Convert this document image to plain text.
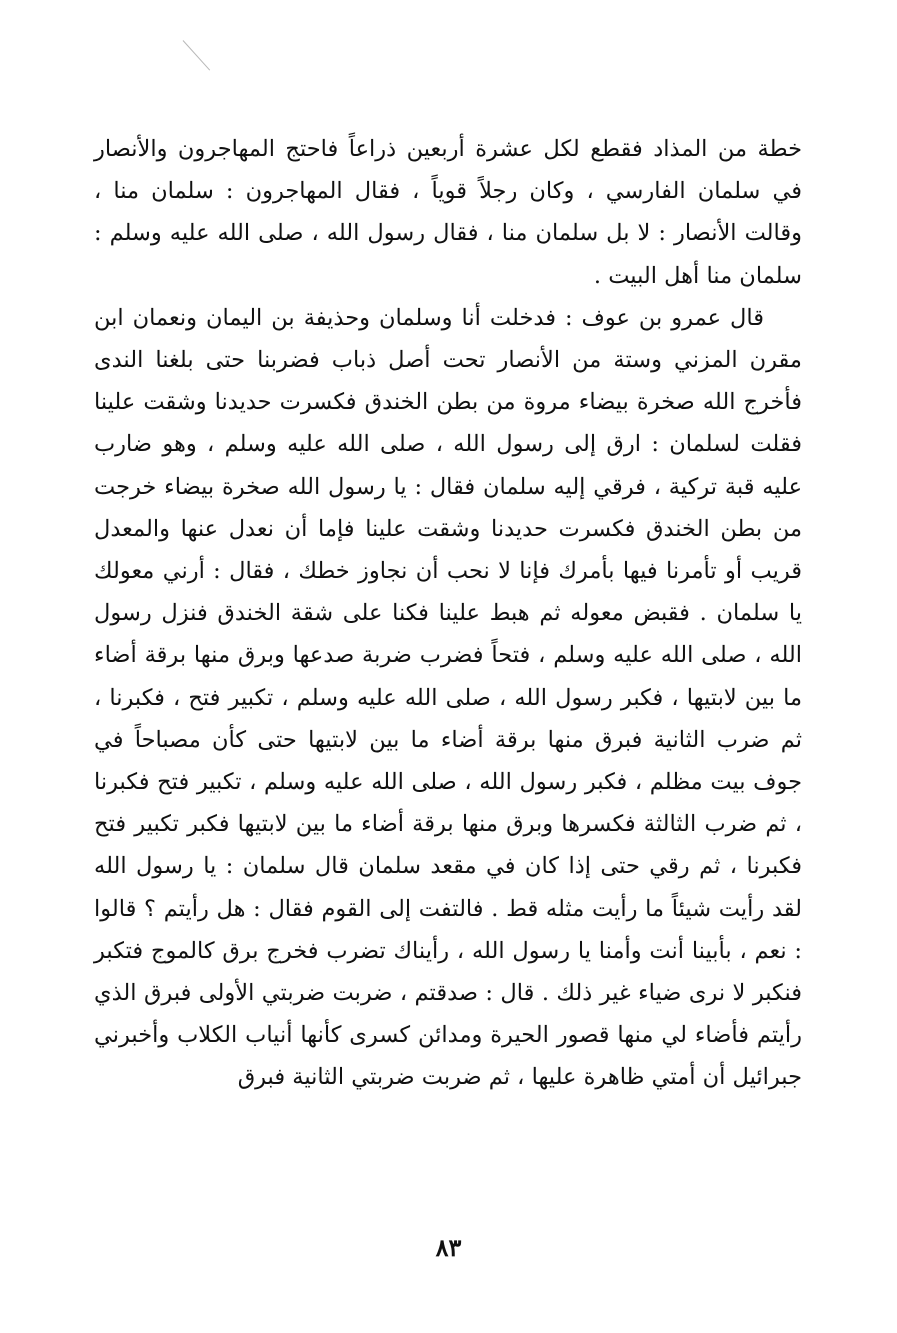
خطة من المذاد فقطع لكل عشرة أربعين ذراعاً فاحتج المهاجرون والأنصار في سلمان الفارسي ، وكان رجلاً قوياً ، فقال المهاجرون : سلمان منا ، وقالت الأنصار : لا بل سلمان منا ، فقال رسول الله ، صلى الله عليه وسلم : سلمان منا أهل البيت .

قال عمرو بن عوف : فدخلت أنا وسلمان وحذيفة بن اليمان ونعمان ابن مقرن المزني وستة من الأنصار تحت أصل ذباب فضربنا حتى بلغنا الندى فأخرج الله صخرة بيضاء مروة من بطن الخندق فكسرت حديدنا وشقت علينا فقلت لسلمان : ارق إلى رسول الله ، صلى الله عليه وسلم ، وهو ضارب عليه قبة تركية ، فرقي إليه سلمان فقال : يا رسول الله صخرة بيضاء خرجت من بطن الخندق فكسرت حديدنا وشقت علينا فإما أن نعدل عنها والمعدل قريب أو تأمرنا فيها بأمرك فإنا لا نحب أن نجاوز خطك ، فقال : أرني معولك يا سلمان . فقبض معوله ثم هبط علينا فكنا على شقة الخندق فنزل رسول الله ، صلى الله عليه وسلم ، فتحاً فضرب ضربة صدعها وبرق منها برقة أضاء ما بين لابتيها ، فكبر رسول الله ، صلى الله عليه وسلم ، تكبير فتح ، فكبرنا ، ثم ضرب الثانية فبرق منها برقة أضاء ما بين لابتيها حتى كأن مصباحاً في جوف بيت مظلم ، فكبر رسول الله ، صلى الله عليه وسلم ، تكبير فتح فكبرنا ، ثم ضرب الثالثة فكسرها وبرق منها برقة أضاء ما بين لابتيها فكبر تكبير فتح فكبرنا ، ثم رقي حتى إذا كان في مقعد سلمان قال سلمان : يا رسول الله لقد رأيت شيئاً ما رأيت مثله قط . فالتفت إلى القوم فقال : هل رأيتم ؟ قالوا : نعم ، بأبينا أنت وأمنا يا رسول الله ، رأيناك تضرب فخرج برق كالموج فتكبر فنكبر لا نرى ضياء غير ذلك . قال : صدقتم ، ضربت ضربتي الأولى فبرق الذي رأيتم فأضاء لي منها قصور الحيرة ومدائن كسرى كأنها أنياب الكلاب وأخبرني جبرائيل أن أمتي ظاهرة عليها ، ثم ضربت ضربتي الثانية فبرق

٨٣
